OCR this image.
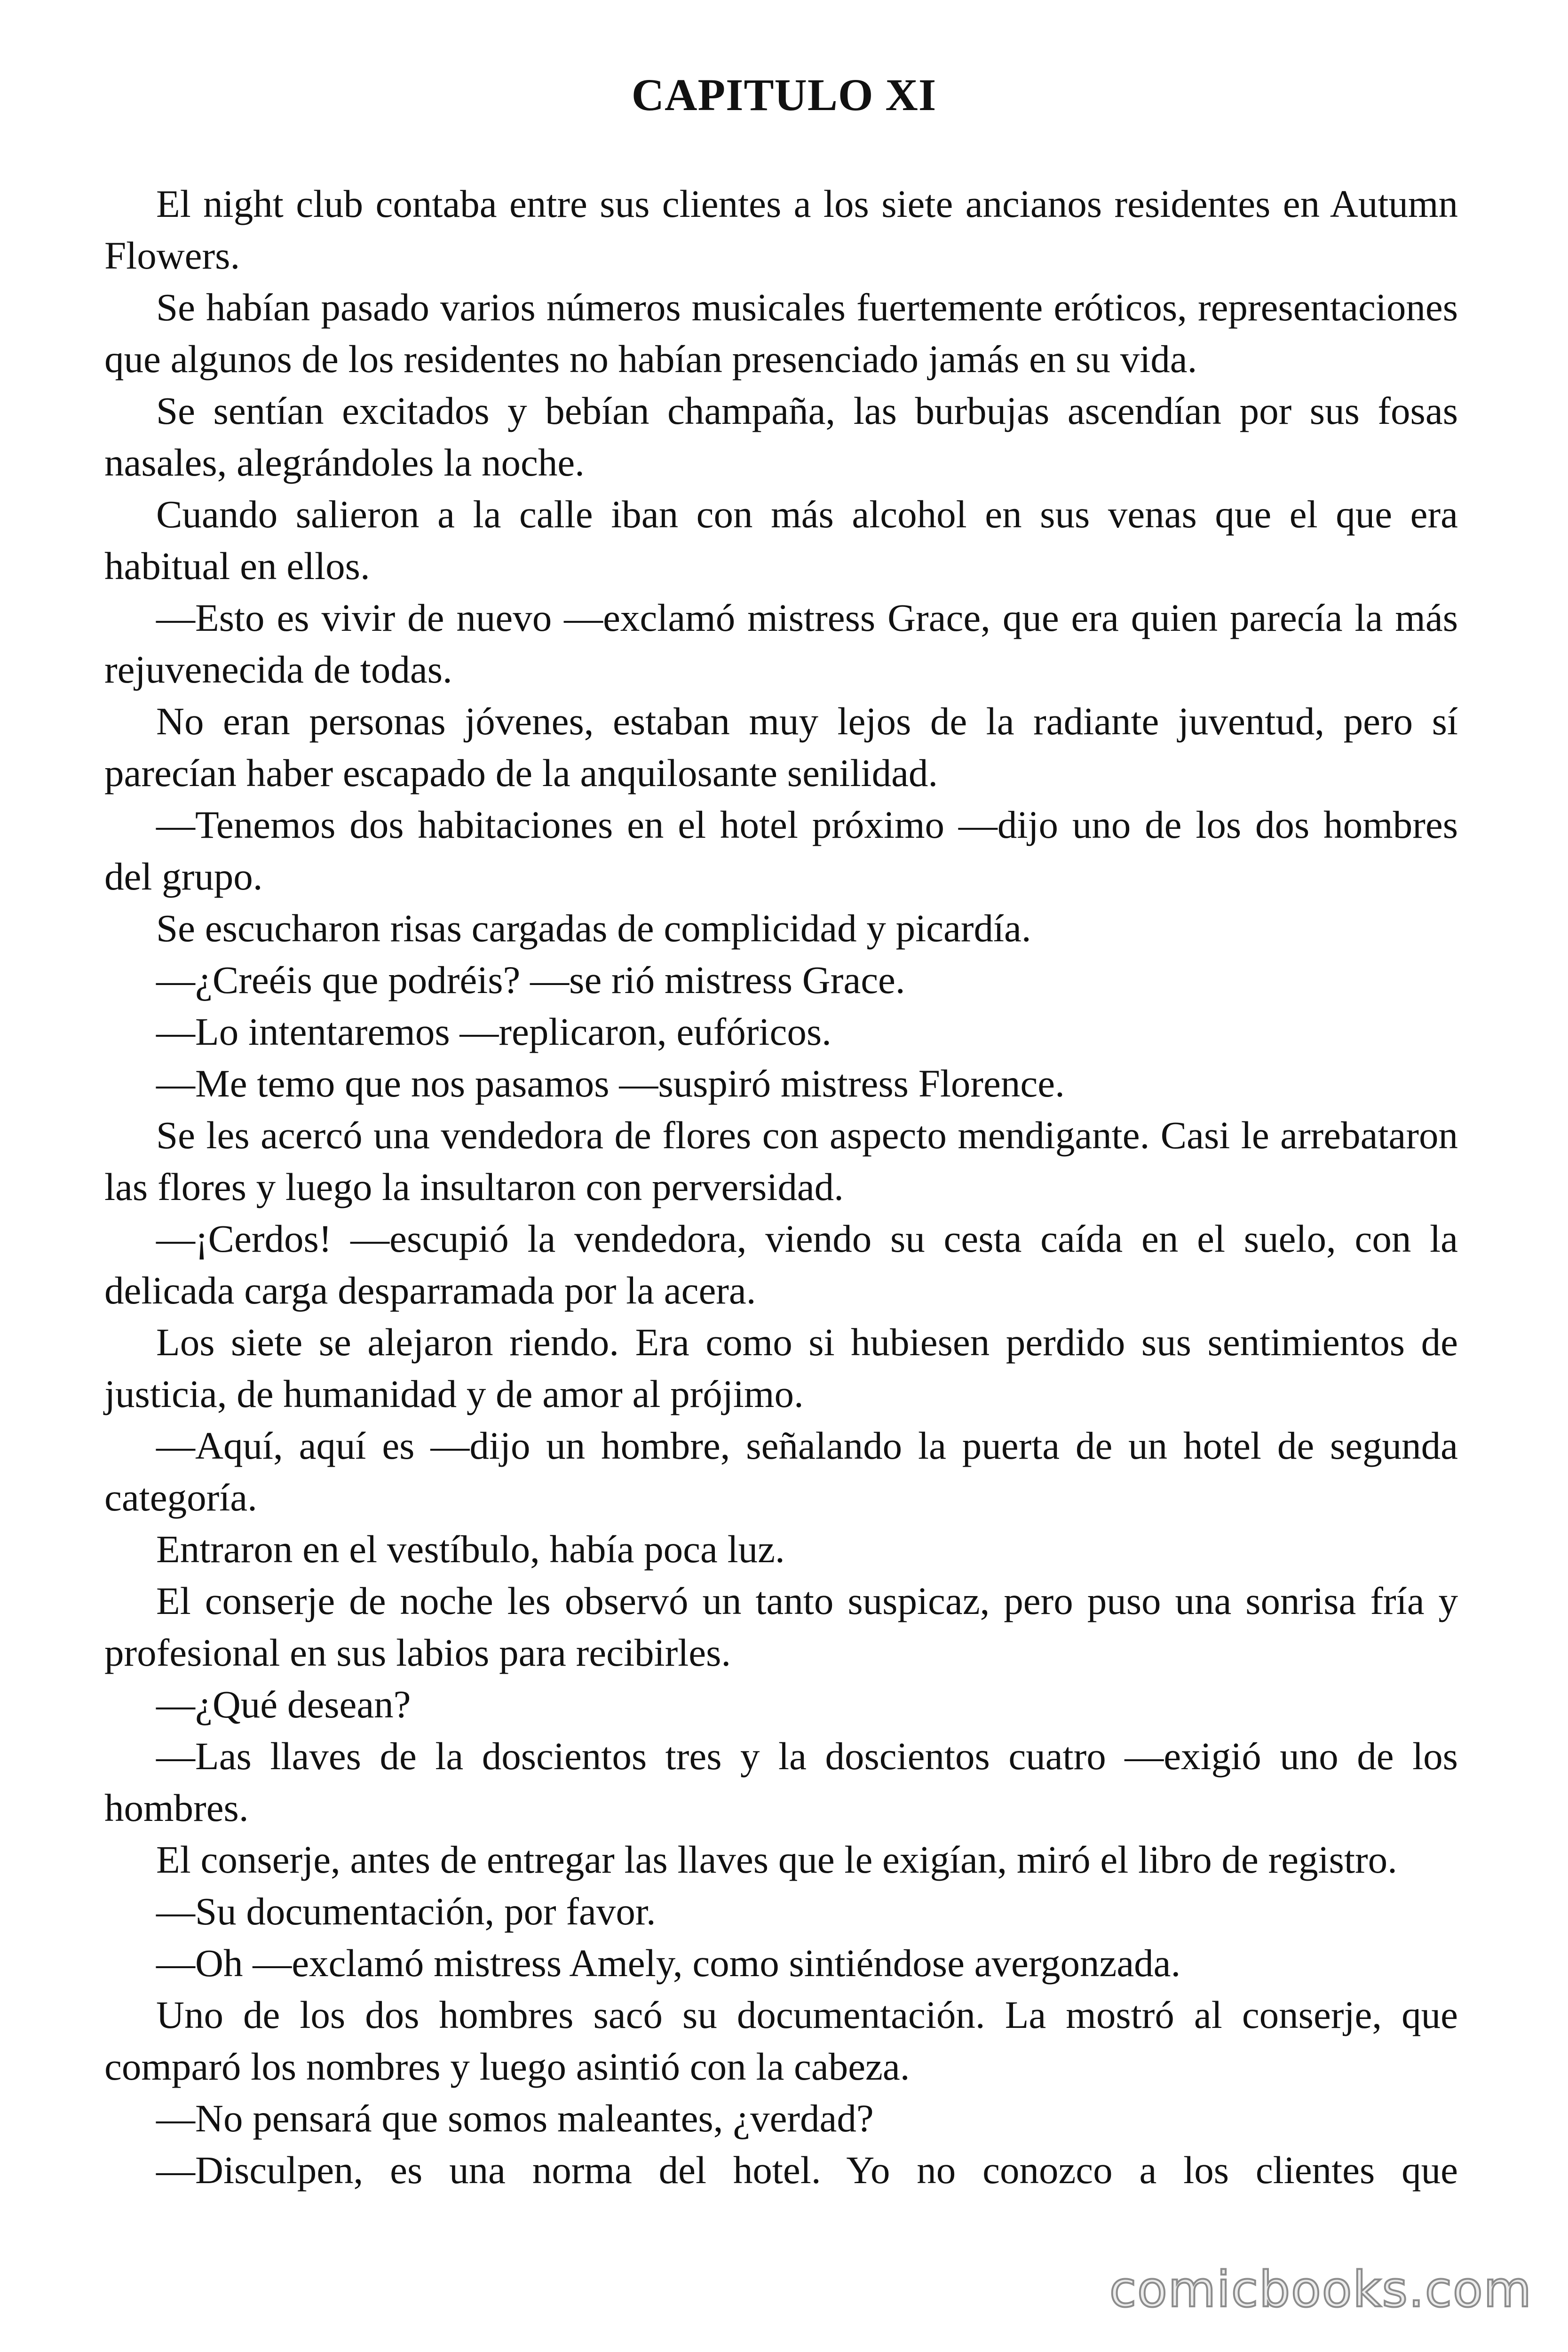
CAPITULO XI

El night club contaba entre sus clientes a los siete ancianos residentes en Autumn Flowers.

Se habían pasado varios números musicales fuertemente eróticos, representaciones que algunos de los residentes no habían presenciado jamás en su vida.

Se sentían excitados y bebían champaña, las burbujas ascendían por sus fosas nasales, alegrándoles la noche.

Cuando salieron a la calle iban con más alcohol en sus venas que el que era habitual en ellos.

—Esto es vivir de nuevo —exclamó mistress Grace, que era quien parecía la más rejuvenecida de todas.

No eran personas jóvenes, estaban muy lejos de la radiante juventud, pero sí parecían haber escapado de la anquilosante senilidad.

—Tenemos dos habitaciones en el hotel próximo —dijo uno de los dos hombres del grupo.

Se escucharon risas cargadas de complicidad y picardía.

—¿Creéis que podréis? —se rió mistress Grace.

—Lo intentaremos —replicaron, eufóricos.

—Me temo que nos pasamos —suspiró mistress Florence.

Se les acercó una vendedora de flores con aspecto mendigante. Casi le arrebataron las flores y luego la insultaron con perversidad.

—¡Cerdos! —escupió la vendedora, viendo su cesta caída en el suelo, con la delicada carga desparramada por la acera.

Los siete se alejaron riendo. Era como si hubiesen perdido sus sentimientos de justicia, de humanidad y de amor al prójimo.

—Aquí, aquí es —dijo un hombre, señalando la puerta de un hotel de segunda categoría.

Entraron en el vestíbulo, había poca luz.

El conserje de noche les observó un tanto suspicaz, pero puso una sonrisa fría y profesional en sus labios para recibirles.

—¿Qué desean?

—Las llaves de la doscientos tres y la doscientos cuatro —exigió uno de los hombres.

El conserje, antes de entregar las llaves que le exigían, miró el libro de registro.

—Su documentación, por favor.

—Oh —exclamó mistress Amely, como sintiéndose avergonzada.

Uno de los dos hombres sacó su documentación. La mostró al conserje, que comparó los nombres y luego asintió con la cabeza.

—No pensará que somos maleantes, ¿verdad?

—Disculpen, es una norma del hotel. Yo no conozco a los clientes que

comicbooks.com
